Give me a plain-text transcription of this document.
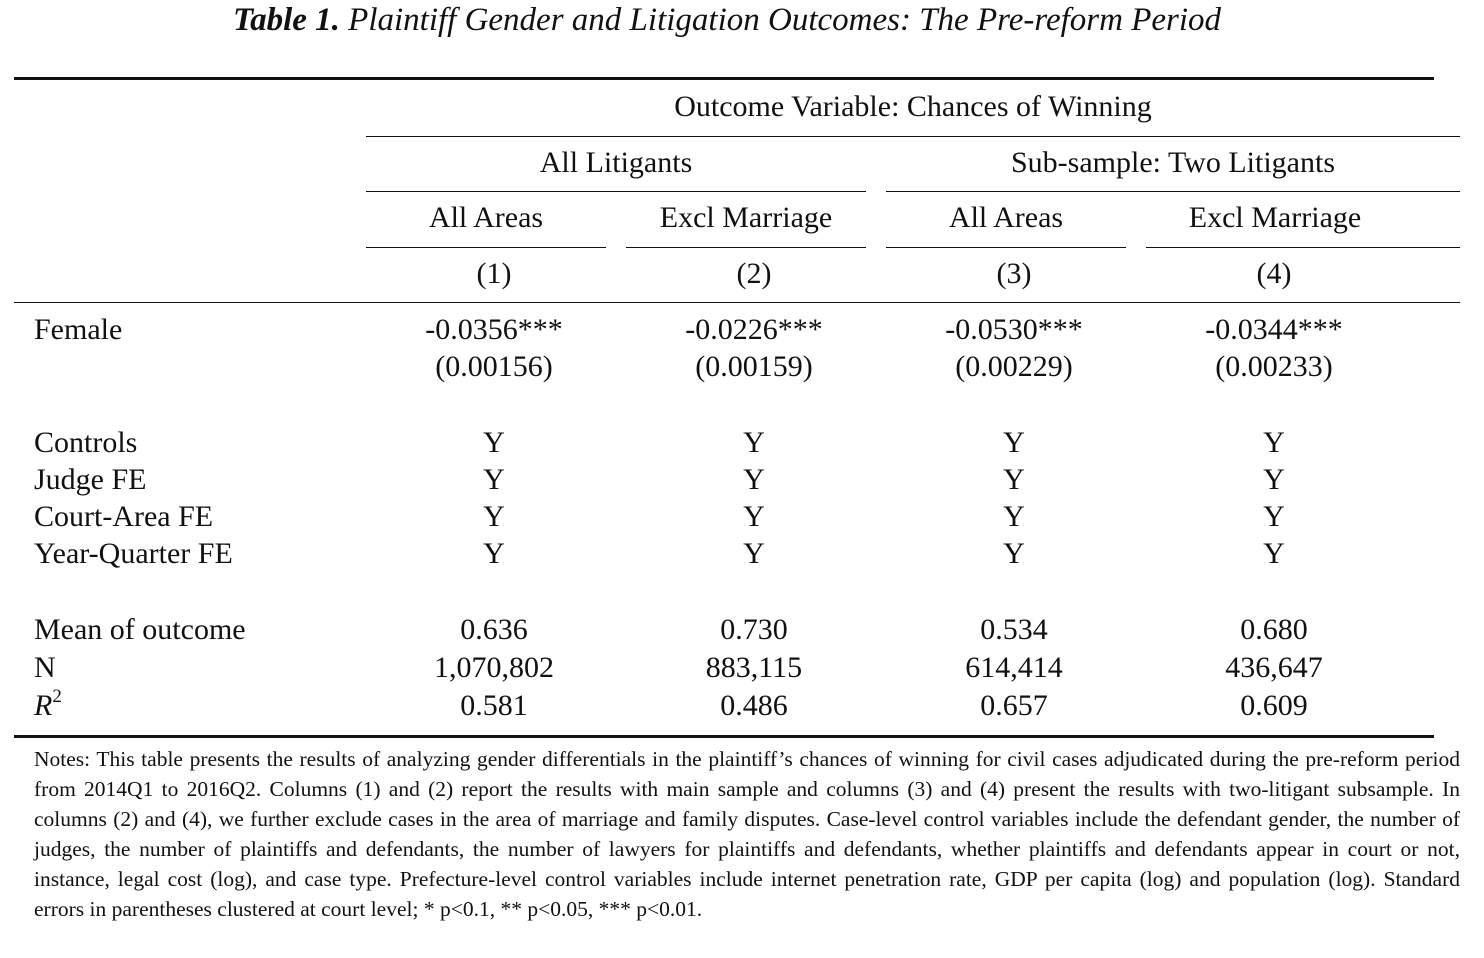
Table 1. Plaintiff Gender and Litigation Outcomes: The Pre-reform Period
Outcome Variable: Chances of Winning
All Litigants	Sub-sample: Two Litigants
All Areas	Excl Marriage	All Areas	Excl Marriage
(1)	(2)	(3)	(4)
Female	-0.0356***	-0.0226***	-0.0530***	-0.0344***
(0.00156)	(0.00159)	(0.00229)	(0.00233)
Controls	Y	Y	Y	Y
Judge FE	Y	Y	Y	Y
Court-Area FE	Y	Y	Y	Y
Year-Quarter FE	Y	Y	Y	Y
Mean of outcome	0.636	0.730	0.534	0.680
N	1,070,802	883,115	614,414	436,647
$R^2$	0.581	0.486	0.657	0.609
Notes: This table presents the results of analyzing gender differentials in the plaintiff’s chances of winning for civil cases adjudicated during the pre-reform period from 2014Q1 to 2016Q2. Columns (1) and (2) report the results with main sample and columns (3) and (4) present the results with two-litigant subsample. In columns (2) and (4), we further exclude cases in the area of marriage and family disputes. Case-level control variables include the defendant gender, the number of judges, the number of plaintiffs and defendants, the number of lawyers for plaintiffs and defendants, whether plaintiffs and defendants appear in court or not, instance, legal cost (log), and case type. Prefecture-level control variables include internet penetration rate, GDP per capita (log) and population (log). Standard errors in parentheses clustered at court level; * p<0.1, ** p<0.05, *** p<0.01.
